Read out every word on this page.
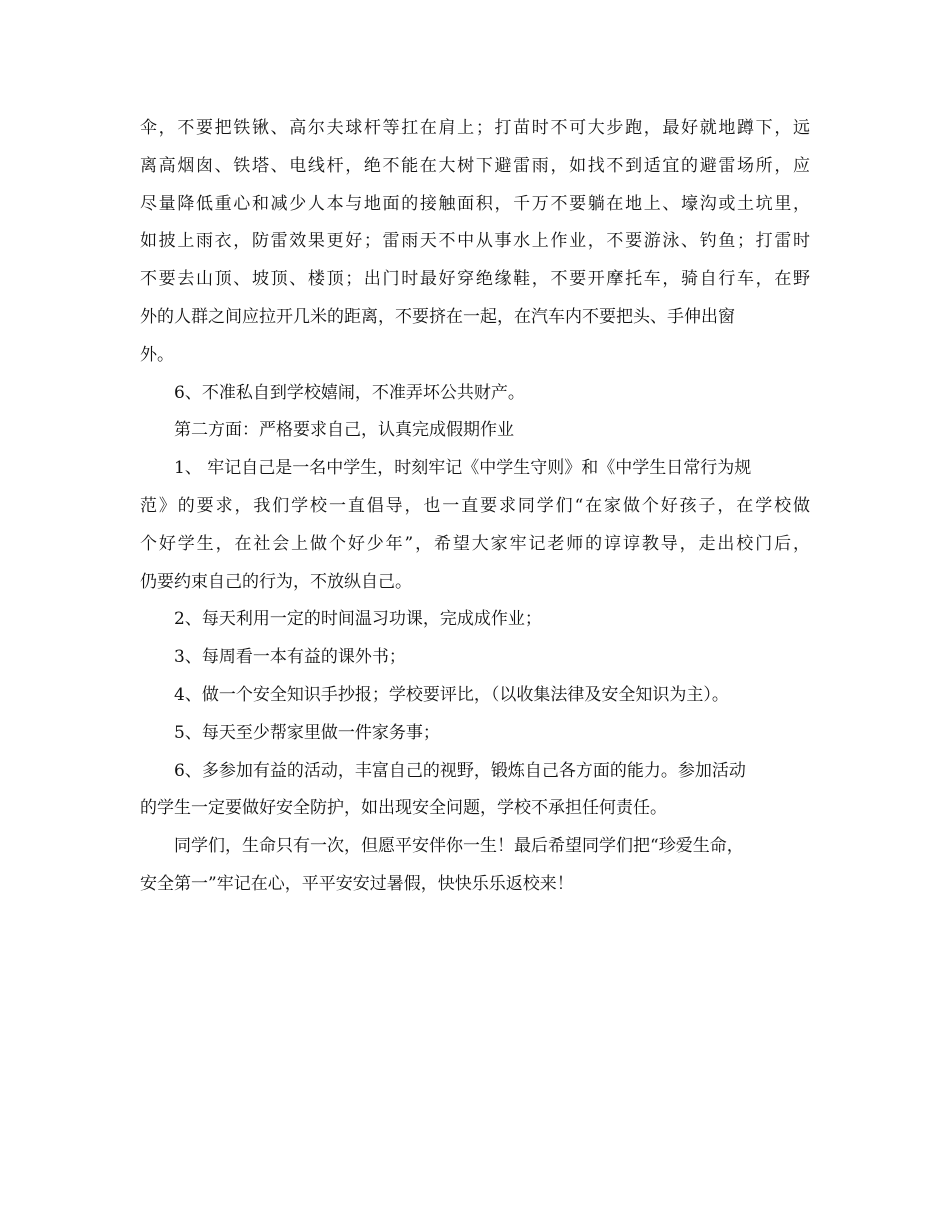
伞，不要把铁锹、高尔夫球杆等扛在肩上；打苗时不可大步跑，最好就地蹲下，远
离高烟囱、铁塔、电线杆，绝不能在大树下避雷雨，如找不到适宜的避雷场所，应
尽量降低重心和减少人本与地面的接触面积，千万不要躺在地上、壕沟或土坑里，
如披上雨衣，防雷效果更好；雷雨天不中从事水上作业，不要游泳、钓鱼；打雷时
不要去山顶、坡顶、楼顶；出门时最好穿绝缘鞋，不要开摩托车，骑自行车，在野
外的人群之间应拉开几米的距离，不要挤在一起，在汽车内不要把头、手伸出窗
外。
6、不准私自到学校嬉闹，不准弄坏公共财产。
第二方面：严格要求自己，认真完成假期作业
1、 牢记自己是一名中学生，时刻牢记《中学生守则》和《中学生日常行为规
范》的要求，我们学校一直倡导，也一直要求同学们“在家做个好孩子，在学校做
个好学生，在社会上做个好少年”，希望大家牢记老师的谆谆教导，走出校门后，
仍要约束自己的行为，不放纵自己。
2、每天利用一定的时间温习功课，完成成作业；
3、每周看一本有益的课外书；
4、做一个安全知识手抄报；学校要评比，（以收集法律及安全知识为主）。
5、每天至少帮家里做一件家务事；
6、多参加有益的活动，丰富自己的视野，锻炼自己各方面的能力。参加活动
的学生一定要做好安全防护，如出现安全问题，学校不承担任何责任。
同学们，生命只有一次，但愿平安伴你一生！最后希望同学们把“珍爱生命，
安全第一”牢记在心，平平安安过暑假，快快乐乐返校来！
